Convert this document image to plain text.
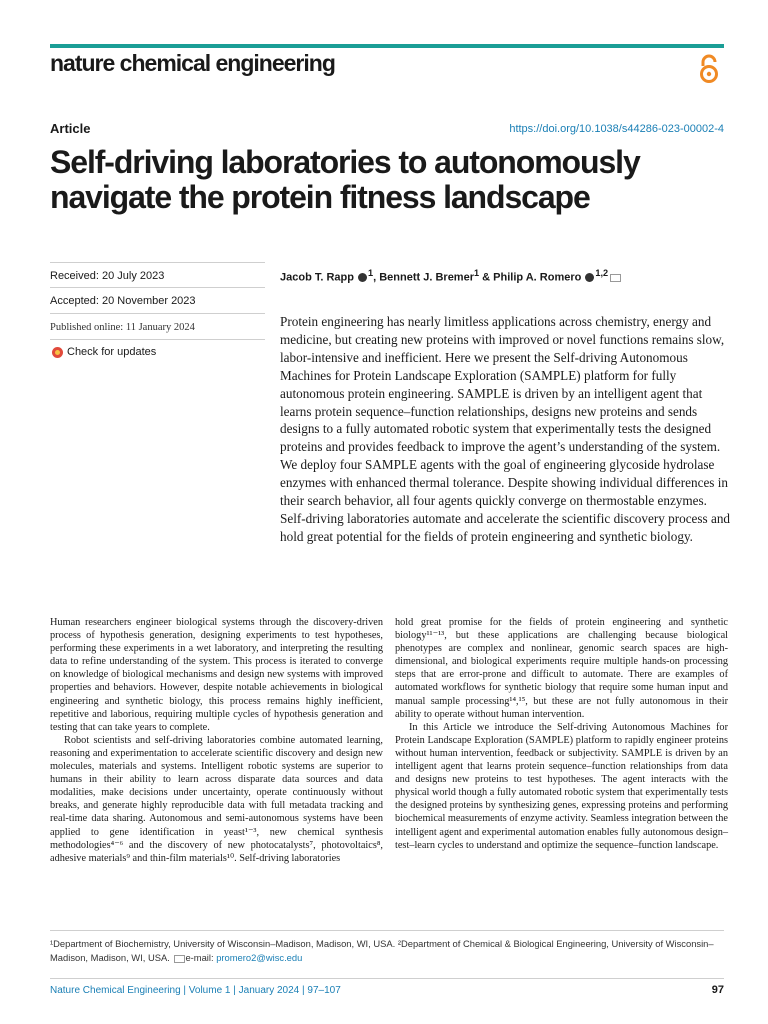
nature chemical engineering
Article	https://doi.org/10.1038/s44286-023-00002-4
Self-driving laboratories to autonomously navigate the protein fitness landscape
Received: 20 July 2023
Accepted: 20 November 2023
Published online: 11 January 2024
Check for updates
Jacob T. Rapp $^1$, Bennett J. Bremer$^1$ & Philip A. Romero $^{1,2}$

Protein engineering has nearly limitless applications across chemistry, energy and medicine, but creating new proteins with improved or novel functions remains slow, labor-intensive and inefficient. Here we present the Self-driving Autonomous Machines for Protein Landscape Exploration (SAMPLE) platform for fully autonomous protein engineering. SAMPLE is driven by an intelligent agent that learns protein sequence–function relationships, designs new proteins and sends designs to a fully automated robotic system that experimentally tests the designed proteins and provides feedback to improve the agent’s understanding of the system. We deploy four SAMPLE agents with the goal of engineering glycoside hydrolase enzymes with enhanced thermal tolerance. Despite showing individual differences in their search behavior, all four agents quickly converge on thermostable enzymes. Self-driving laboratories automate and accelerate the scientific discovery process and hold great potential for the fields of protein engineering and synthetic biology.

Human researchers engineer biological systems through the discovery-driven process of hypothesis generation, designing experiments to test hypotheses, performing these experiments in a wet laboratory, and interpreting the resulting data to refine understanding of the system. This process is iterated to converge on knowledge of biological mechanisms and design new systems with improved properties and behaviors. However, despite notable achievements in biological engineering and synthetic biology, this process remains highly inefficient, repetitive and laborious, requiring multiple cycles of hypothesis generation and testing that can take years to complete.

Robot scientists and self-driving laboratories combine automated learning, reasoning and experimentation to accelerate scientific discovery and design new molecules, materials and systems. Intelligent robotic systems are superior to humans in their ability to learn across disparate data sources and data modalities, make decisions under uncertainty, operate continuously without breaks, and generate highly reproducible data with full metadata tracking and real-time data sharing. Autonomous and semi-autonomous systems have been applied to gene identification in yeast¹⁻³, new chemical synthesis methodologies⁴⁻⁶ and the discovery of new photocatalysts⁷, photovoltaics⁸, adhesive materials⁹ and thin-film materials¹⁰. Self-driving laboratories

hold great promise for the fields of protein engineering and synthetic biology¹¹⁻¹³, but these applications are challenging because biological phenotypes are complex and nonlinear, genomic search spaces are high-dimensional, and biological experiments require multiple hands-on processing steps that are error-prone and difficult to automate. There are examples of automated workflows for synthetic biology that require some human input and manual sample processing¹⁴,¹⁵, but these are not fully autonomous in their ability to operate without human intervention.

In this Article we introduce the Self-driving Autonomous Machines for Protein Landscape Exploration (SAMPLE) platform to rapidly engineer proteins without human intervention, feedback or subjectivity. SAMPLE is driven by an intelligent agent that learns protein sequence–function relationships from data and designs new proteins to test hypotheses. The agent interacts with the physical world though a fully automated robotic system that experimentally tests the designed proteins by synthesizing genes, expressing proteins and performing biochemical measurements of enzyme activity. Seamless integration between the intelligent agent and experimental automation enables fully autonomous design–test–learn cycles to understand and optimize the sequence–function landscape.

¹Department of Biochemistry, University of Wisconsin–Madison, Madison, WI, USA. ²Department of Chemical & Biological Engineering, University of Wisconsin–Madison, Madison, WI, USA. e-mail: promero2@wisc.edu
Nature Chemical Engineering | Volume 1 | January 2024 | 97–107	97
